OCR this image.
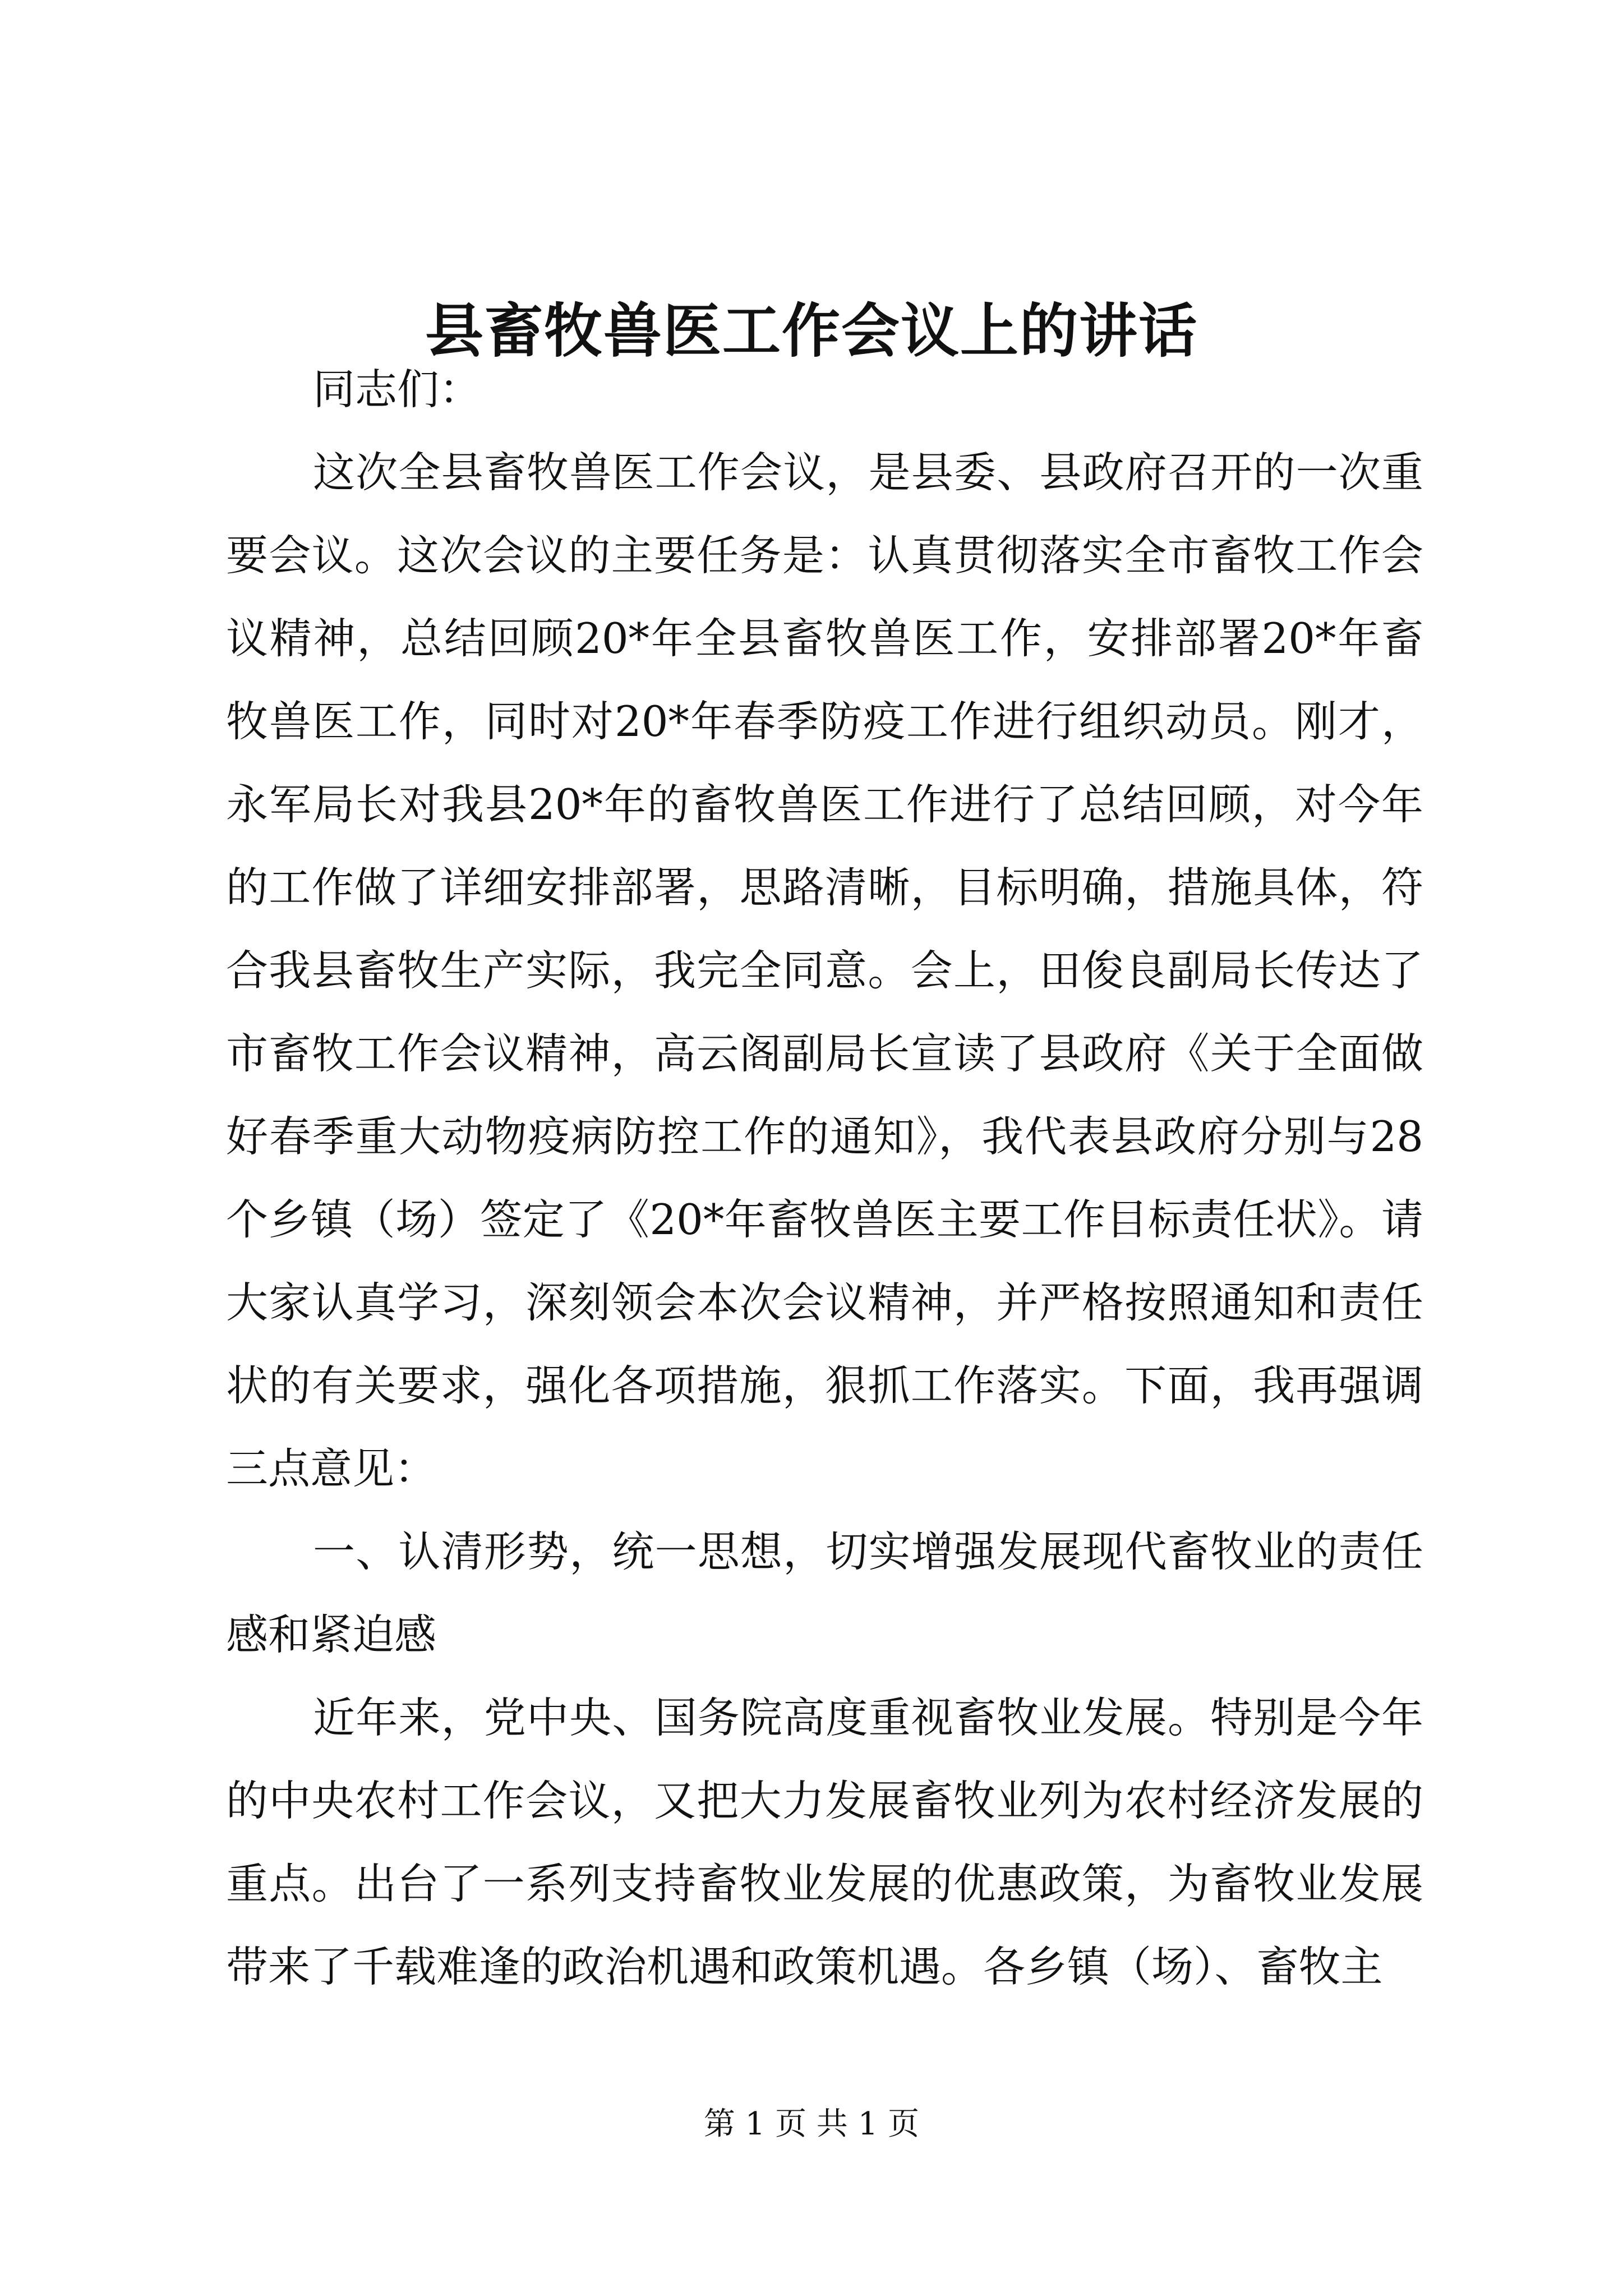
县畜牧兽医工作会议上的讲话

同志们：

这次全县畜牧兽医工作会议，是县委、县政府召开的一次重要会议。这次会议的主要任务是：认真贯彻落实全市畜牧工作会议精神，总结回顾20*年全县畜牧兽医工作，安排部署20*年畜牧兽医工作，同时对20*年春季防疫工作进行组织动员。刚才，永军局长对我县20*年的畜牧兽医工作进行了总结回顾，对今年的工作做了详细安排部署，思路清晰，目标明确，措施具体，符合我县畜牧生产实际，我完全同意。会上，田俊良副局长传达了市畜牧工作会议精神，高云阁副局长宣读了县政府《关于全面做好春季重大动物疫病防控工作的通知》，我代表县政府分别与28个乡镇（场）签定了《20*年畜牧兽医主要工作目标责任状》。请大家认真学习，深刻领会本次会议精神，并严格按照通知和责任状的有关要求，强化各项措施，狠抓工作落实。下面，我再强调三点意见：

一、认清形势，统一思想，切实增强发展现代畜牧业的责任感和紧迫感

近年来，党中央、国务院高度重视畜牧业发展。特别是今年的中央农村工作会议，又把大力发展畜牧业列为农村经济发展的重点。出台了一系列支持畜牧业发展的优惠政策，为畜牧业发展带来了千载难逢的政治机遇和政策机遇。各乡镇（场）、畜牧主

第 1 页 共 1 页
